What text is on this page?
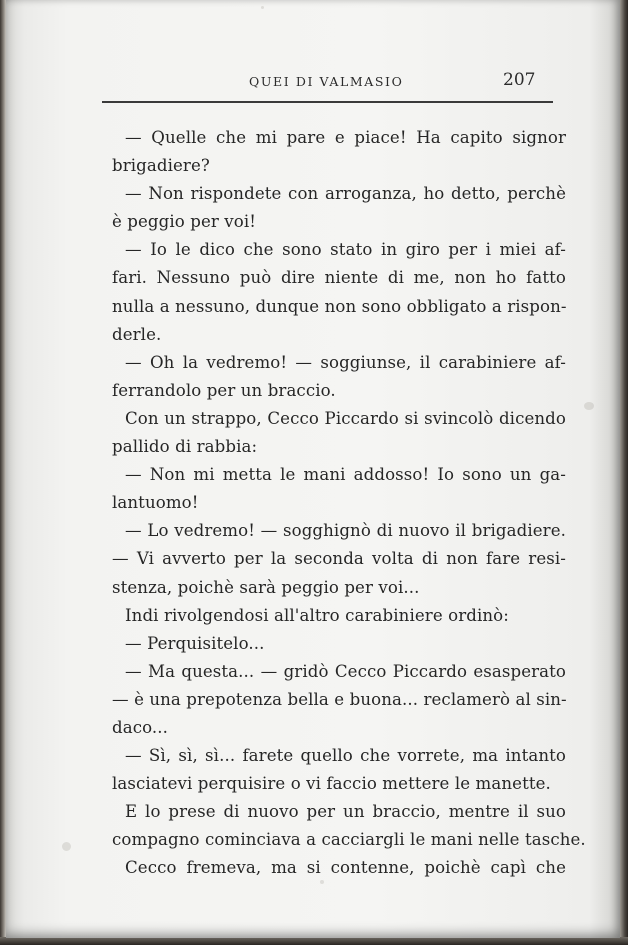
QUEI DI VALMASIO	207
— Quelle che mi pare e piace! Ha capito signor
brigadiere?
— Non rispondete con arroganza, ho detto, perchè
è peggio per voi!
— Io le dico che sono stato in giro per i miei af-
fari. Nessuno può dire niente di me, non ho fatto
nulla a nessuno, dunque non sono obbligato a rispon-
derle.
— Oh la vedremo! — soggiunse, il carabiniere af-
ferrandolo per un braccio.
Con un strappo, Cecco Piccardo si svincolò dicendo
pallido di rabbia:
— Non mi metta le mani addosso! Io sono un ga-
lantuomo!
— Lo vedremo! — sogghignò di nuovo il brigadiere.
— Vi avverto per la seconda volta di non fare resi-
stenza, poichè sarà peggio per voi...
Indi rivolgendosi all'altro carabiniere ordinò:
— Perquisitelo...
— Ma questa... — gridò Cecco Piccardo esasperato
— è una prepotenza bella e buona... reclamerò al sin-
daco...
— Sì, sì, sì... farete quello che vorrete, ma intanto
lasciatevi perquisire o vi faccio mettere le manette.
E lo prese di nuovo per un braccio, mentre il suo
compagno cominciava a cacciargli le mani nelle tasche.
Cecco fremeva, ma si contenne, poichè capì che
